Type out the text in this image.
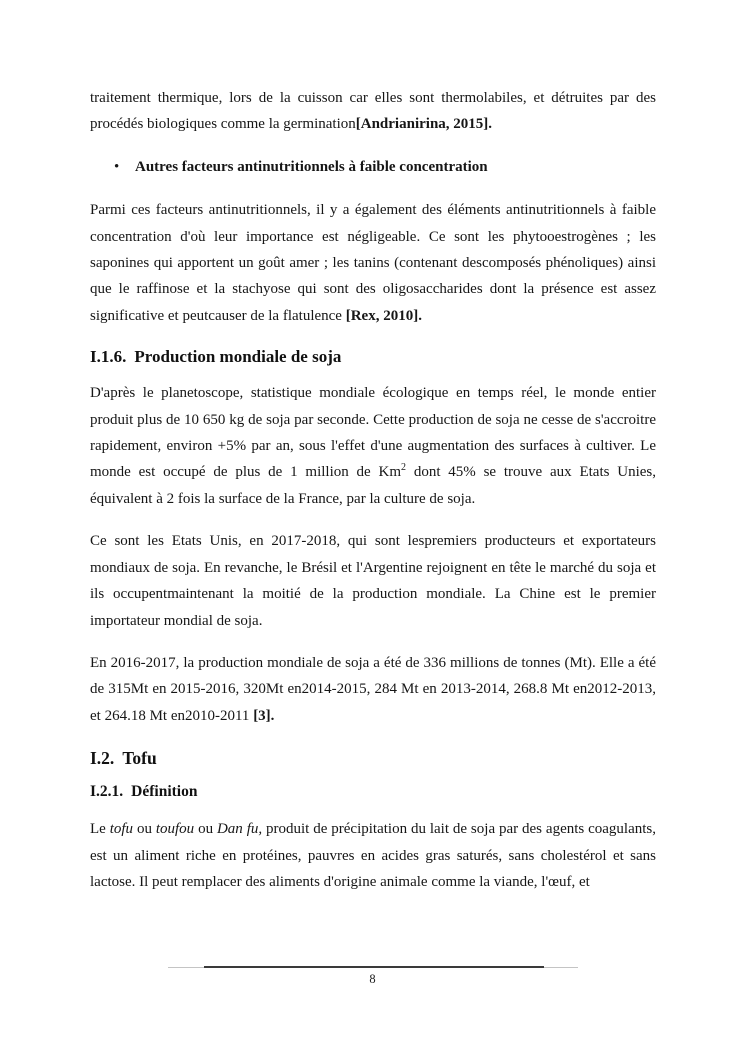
traitement thermique, lors de la cuisson car elles sont thermolabiles, et détruites par des procédés biologiques comme la germination[Andrianirina, 2015].

•	Autres facteurs antinutritionnels à faible concentration

Parmi ces facteurs antinutritionnels, il y a également des éléments antinutritionnels à faible concentration d'où leur importance est négligeable. Ce sont les phytooestrogènes ; les saponines qui apportent un goût amer ; les tanins (contenant descomposés phénoliques) ainsi que le raffinose et la stachyose qui sont des oligosaccharides dont la présence est assez significative et peutcauser de la flatulence [Rex, 2010].

I.1.6. Production mondiale de soja

D'après le planetoscope, statistique mondiale écologique en temps réel, le monde entier produit plus de 10 650 kg de soja par seconde. Cette production de soja ne cesse de s'accroitre rapidement, environ +5% par an, sous l'effet d'une augmentation des surfaces à cultiver. Le monde est occupé de plus de 1 million de Km$^2$ dont 45% se trouve aux Etats Unies, équivalent à 2 fois la surface de la France, par la culture de soja.

Ce sont les Etats Unis, en 2017-2018, qui sont lespremiers producteurs et exportateurs mondiaux de soja. En revanche, le Brésil et l'Argentine rejoignent en tête le marché du soja et ils occupentmaintenant la moitié de la production mondiale. La Chine est le premier importateur mondial de soja.

En 2016-2017, la production mondiale de soja a été de 336 millions de tonnes (Mt). Elle a été de 315Mt en 2015-2016, 320Mt en2014-2015, 284 Mt en 2013-2014, 268.8 Mt en2012-2013, et 264.18 Mt en2010-2011 [3].

I.2. Tofu
I.2.1. Définition

Le tofu ou toufou ou Dan fu, produit de précipitation du lait de soja par des agents coagulants, est un aliment riche en protéines, pauvres en acides gras saturés, sans cholestérol et sans lactose. Il peut remplacer des aliments d'origine animale comme la viande, l'œuf, et

8
